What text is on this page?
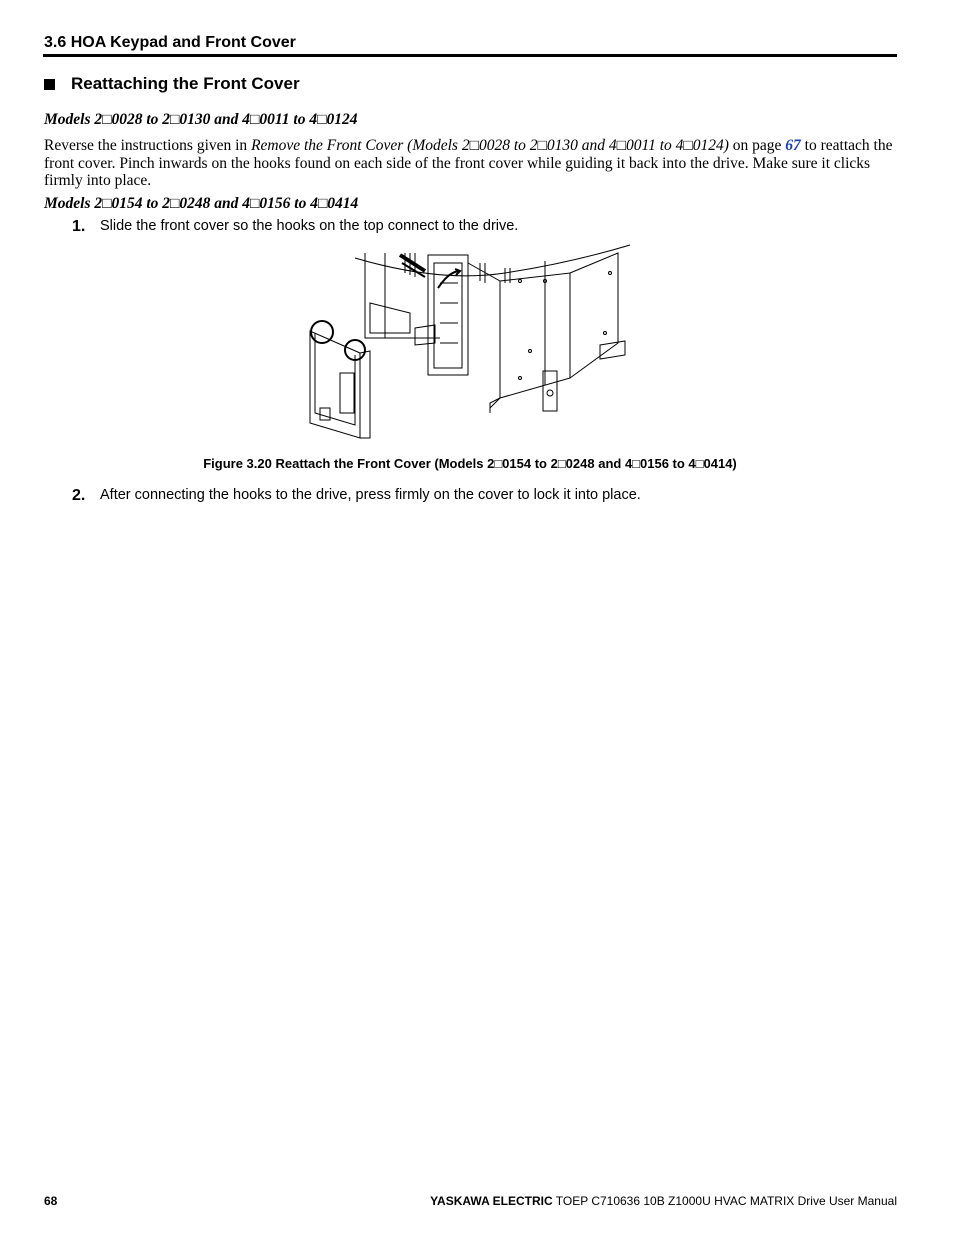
3.6 HOA Keypad and Front Cover
Reattaching the Front Cover
Models 2□0028 to 2□0130 and 4□0011 to 4□0124
Reverse the instructions given in Remove the Front Cover (Models 2□0028 to 2□0130 and 4□0011 to 4□0124) on page 67 to reattach the front cover. Pinch inwards on the hooks found on each side of the front cover while guiding it back into the drive. Make sure it clicks firmly into place.
Models 2□0154 to 2□0248 and 4□0156 to 4□0414
1.	Slide the front cover so the hooks on the top connect to the drive.
Figure 3.20 Reattach the Front Cover (Models 2□0154 to 2□0248 and 4□0156 to 4□0414)
2.	After connecting the hooks to the drive, press firmly on the cover to lock it into place.
68	YASKAWA ELECTRIC TOEP C710636 10B Z1000U HVAC MATRIX Drive User Manual
